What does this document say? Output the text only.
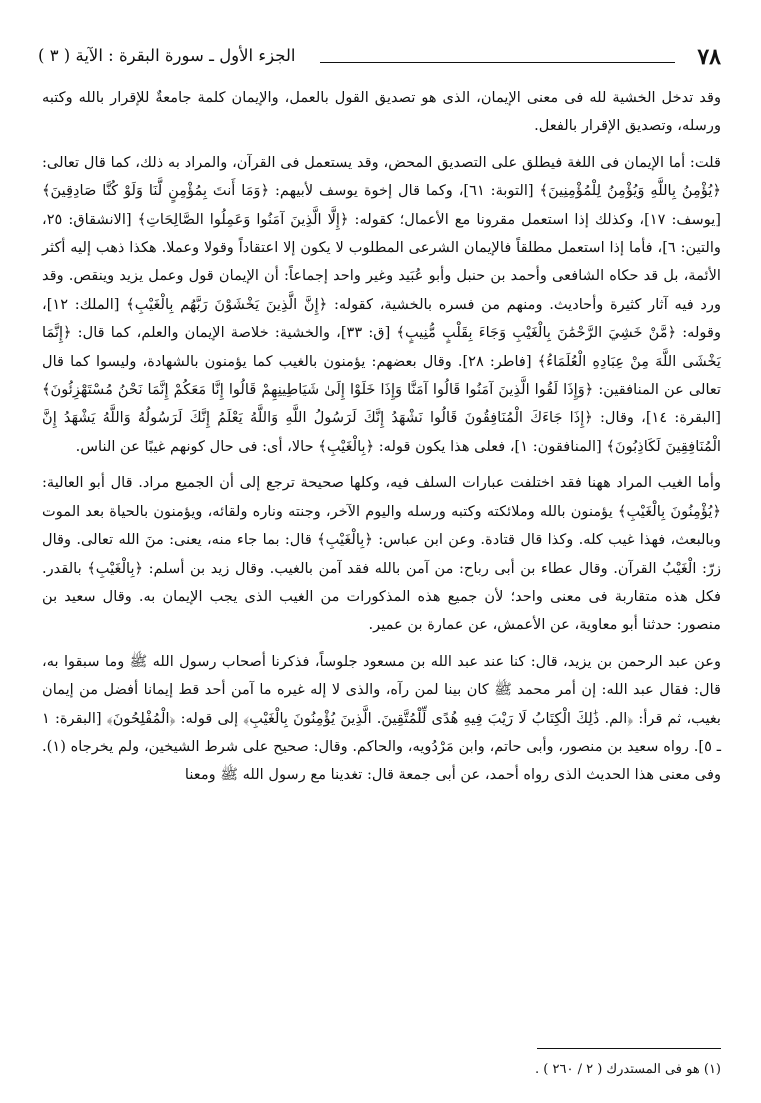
٧٨
الجزء الأول ـ سورة البقرة : الآية ( ٣ )

وقد تدخل الخشية لله فى معنى الإيمان، الذى هو تصديق القول بالعمل، والإيمان كلمة جامعةٌ للإقرار بالله وكتبه ورسله، وتصديق الإقرار بالفعل.

قلت: أما الإيمان فى اللغة فيطلق على التصديق المحض، وقد يستعمل فى القرآن، والمراد به ذلك، كما قال تعالى: ﴿يُؤْمِنُ بِاللَّهِ وَيُؤْمِنُ لِلْمُؤْمِنِينَ﴾ [التوبة: ٦١]، وكما قال إخوة يوسف لأبيهم: ﴿وَمَا أَنتَ بِمُؤْمِنٍ لَّنَا وَلَوْ كُنَّا صَادِقِينَ﴾ [يوسف: ١٧]، وكذلك إذا استعمل مقرونا مع الأعمال؛ كقوله: ﴿إِلَّا الَّذِينَ آمَنُوا وَعَمِلُوا الصَّالِحَاتِ﴾ [الانشقاق: ٢٥، والتين: ٦]، فأما إذا استعمل مطلقاً فالإيمان الشرعى المطلوب لا يكون إلا اعتقاداً وقولا وعملا. هكذا ذهب إليه أكثر الأئمة، بل قد حكاه الشافعى وأحمد بن حنبل وأبو عُبَيد وغير واحد إجماعاً: أن الإيمان قول وعمل يزيد وينقص. وقد ورد فيه آثار كثيرة وأحاديث. ومنهم من فسره بالخشية، كقوله: ﴿إِنَّ الَّذِينَ يَخْشَوْنَ رَبَّهُم بِالْغَيْبِ﴾ [الملك: ١٢]، وقوله: ﴿مَّنْ خَشِيَ الرَّحْمَٰنَ بِالْغَيْبِ وَجَاءَ بِقَلْبٍ مُّنِيبٍ﴾ [ق: ٣٣]، والخشية: خلاصة الإيمان والعلم، كما قال: ﴿إِنَّمَا يَخْشَى اللَّهَ مِنْ عِبَادِهِ الْعُلَمَاءُ﴾ [فاطر: ٢٨]. وقال بعضهم: يؤمنون بالغيب كما يؤمنون بالشهادة، وليسوا كما قال تعالى عن المنافقين: ﴿وَإِذَا لَقُوا الَّذِينَ آمَنُوا قَالُوا آمَنَّا وَإِذَا خَلَوْا إِلَىٰ شَيَاطِينِهِمْ قَالُوا إِنَّا مَعَكُمْ إِنَّمَا نَحْنُ مُسْتَهْزِئُونَ﴾ [البقرة: ١٤]، وقال: ﴿إِذَا جَاءَكَ الْمُنَافِقُونَ قَالُوا نَشْهَدُ إِنَّكَ لَرَسُولُ اللَّهِ وَاللَّهُ يَعْلَمُ إِنَّكَ لَرَسُولُهُ وَاللَّهُ يَشْهَدُ إِنَّ الْمُنَافِقِينَ لَكَاذِبُونَ﴾ [المنافقون: ١]، فعلى هذا يكون قوله: ﴿بِالْغَيْبِ﴾ حالا، أى: فى حال كونهم غيبًا عن الناس.

وأما الغيب المراد ههنا فقد اختلفت عبارات السلف فيه، وكلها صحيحة ترجع إلى أن الجميع مراد. قال أبو العالية: ﴿يُؤْمِنُونَ بِالْغَيْبِ﴾ يؤمنون بالله وملائكته وكتبه ورسله واليوم الآخر، وجنته وناره ولقائه، ويؤمنون بالحياة بعد الموت وبالبعث، فهذا غيب كله. وكذا قال قتادة. وعن ابن عباس: ﴿بِالْغَيْبِ﴾ قال: بما جاء منه، يعنى: منَ الله تعالى. وقال زرّ: الْغَيْبُ القرآن. وقال عطاء بن أبى رباح: من آمن بالله فقد آمن بالغيب. وقال زيد بن أسلم: ﴿بِالْغَيْبِ﴾ بالقدر. فكل هذه متقاربة فى معنى واحد؛ لأن جميع هذه المذكورات من الغيب الذى يجب الإيمان به. وقال سعيد بن منصور: حدثنا أبو معاوية، عن الأعمش، عن عمارة بن عمير.

وعن عبد الرحمن بن يزيد، قال: كنا عند عبد الله بن مسعود جلوساً، فذكرنا أصحاب رسول الله ﷺ وما سبقوا به، قال: فقال عبد الله: إن أمر محمد ﷺ كان بينا لمن رآه، والذى لا إله غيره ما آمن أحد قط إيمانا أفضل من إيمان بغيب، ثم قرأ: ﴿الم. ذَٰلِكَ الْكِتَابُ لَا رَيْبَ فِيهِ هُدًى لِّلْمُتَّقِينَ. الَّذِينَ يُؤْمِنُونَ بِالْغَيْبِ﴾ إلى قوله: ﴿الْمُفْلِحُونَ﴾ [البقرة: ١ ـ ٥]. رواه سعيد بن منصور، وأبى حاتم، وابن مَرْدُويه، والحاكم. وقال: صحيح على شرط الشيخين، ولم يخرجاه (١). وفى معنى هذا الحديث الذى رواه أحمد، عن أبى جمعة قال: تغدينا مع رسول الله ﷺ ومعنا

(١) هو فى المستدرك ( ٢ / ٢٦٠ ) .
